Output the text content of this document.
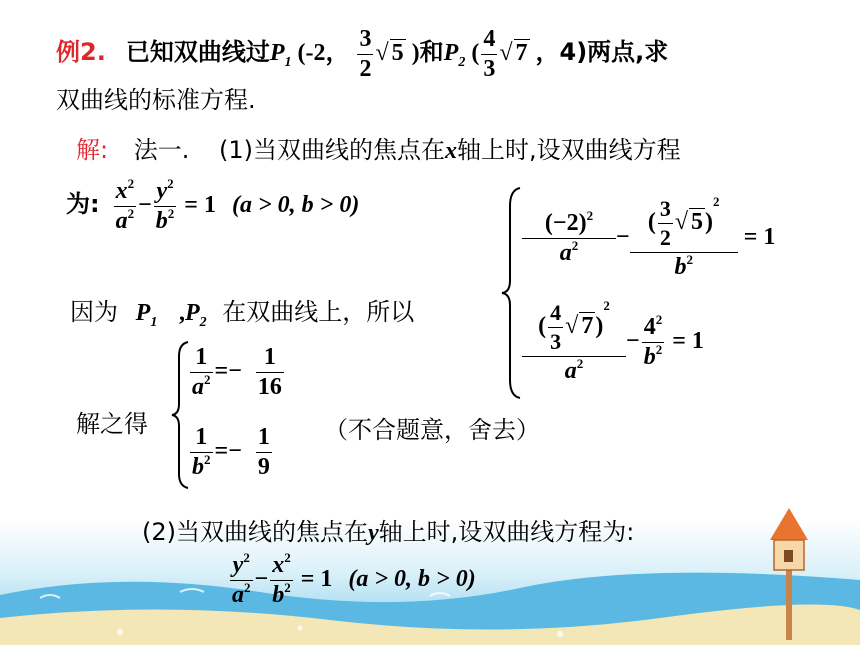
例2. 已知双曲线过$P_1$ (-2， $\frac{3}{2}$ √ 5 )和$P_2$ ( $\frac{4}{3}$ √ 7 ，4)两点,求
双曲线的标准方程.
解: 法一. (1)当双曲线的焦点在x轴上时,设双曲线方程
为: $\frac{x^2}{a^2} - \frac{y^2}{b^2} = 1$ (a > 0, b > 0)
因为 $P_1$ $,P_2$ 在双曲线上，所以
$\frac{(-2)^2}{a^2} - \frac{( \frac{3}{2} √ 5)^2}{b^2} = 1$
$\frac{( \frac{4}{3} √ 7)^2}{a^2} - \frac{4^2}{b^2} = 1$
解之得
$\frac{1}{a^2} =- \frac{1}{16}$
$\frac{1}{b^2} =- \frac{1}{9}$ （不合题意，舍去）
(2)当双曲线的焦点在y轴上时,设双曲线方程为:
$\frac{y^2}{a^2} - \frac{x^2}{b^2} = 1$ (a > 0, b > 0)
